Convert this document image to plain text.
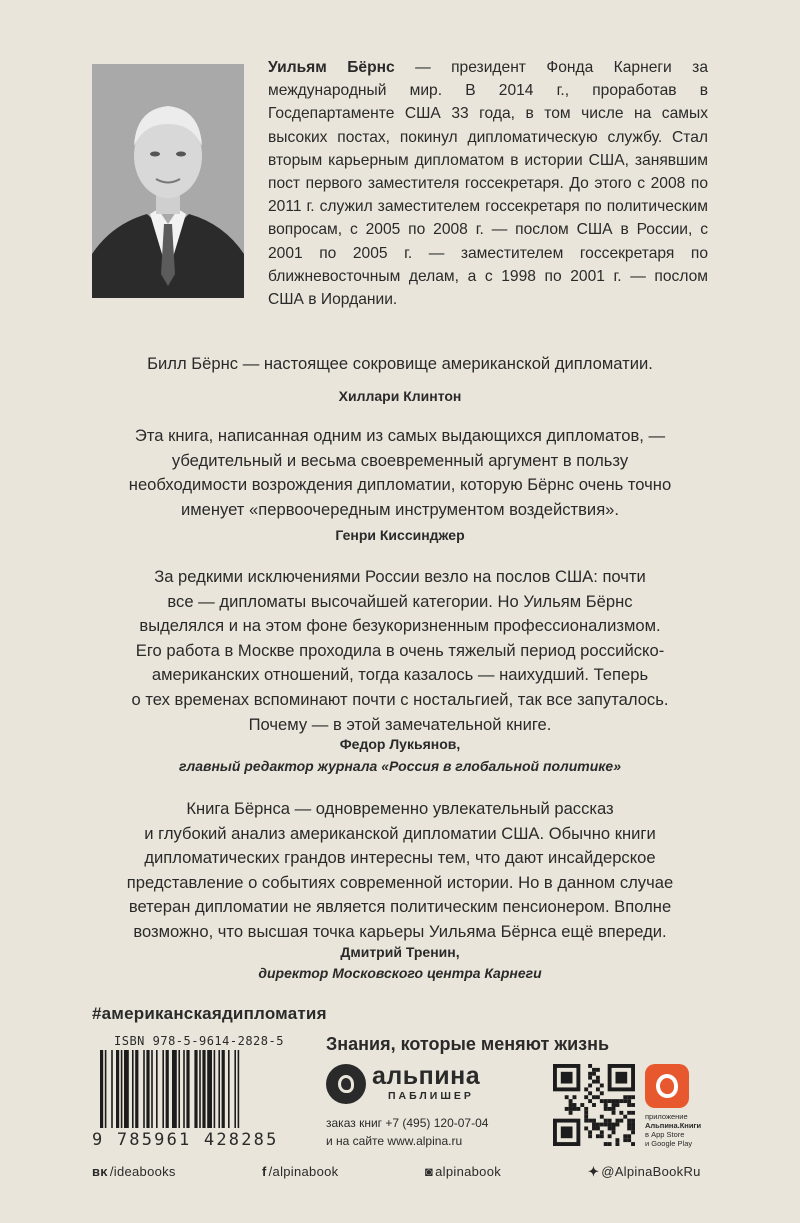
Уильям Бёрнс — президент Фонда Карнеги за международный мир. В 2014 г., проработав в Госдепартаменте США 33 года, в том числе на самых высоких постах, покинул дипломатическую службу. Стал вторым карьерным дипломатом в истории США, занявшим пост первого заместителя госсекретаря. До этого с 2008 по 2011 г. служил заместителем госсекретаря по политическим вопросам, с 2005 по 2008 г. — послом США в России, с 2001 по 2005 г. — заместителем госсекретаря по ближневосточным делам, а с 1998 по 2001 г. — послом США в Иордании.

Билл Бёрнс — настоящее сокровище американской дипломатии.

Хиллари Клинтон

Эта книга, написанная одним из самых выдающихся дипломатов, —
убедительный и весьма своевременный аргумент в пользу
необходимости возрождения дипломатии, которую Бёрнс очень точно
именует «первоочередным инструментом воздействия».

Генри Киссинджер

За редкими исключениями России везло на послов США: почти
все — дипломаты высочайшей категории. Но Уильям Бёрнс
выделялся и на этом фоне безукоризненным профессионализмом.
Его работа в Москве проходила в очень тяжелый период российско-
американских отношений, тогда казалось — наихудший. Теперь
о тех временах вспоминают почти с ностальгией, так все запуталось.
Почему — в этой замечательной книге.

Федор Лукьянов,

главный редактор журнала «Россия в глобальной политике»

Книга Бёрнса — одновременно увлекательный рассказ
и глубокий анализ американской дипломатии США. Обычно книги
дипломатических грандов интересны тем, что дают инсайдерское
представление о событиях современной истории. Но в данном случае
ветеран дипломатии не является политическим пенсионером. Вполне
возможно, что высшая точка карьеры Уильяма Бёрнса ещё впереди.

Дмитрий Тренин,

директор Московского центра Карнеги

#американскаядипломатия
ISBN 978-5-9614-2828-5
9 785961 428285
Знания, которые меняют жизнь
альпина
ПАБЛИШЕР
заказ книг +7 (495) 120-07-04
и на сайте www.alpina.ru
приложение
Альпина.Книги
в App Store
и Google Play
ʙᴋ /ideabooks	f /alpinabook	◙ alpinabook	✦ @AlpinaBookRu
